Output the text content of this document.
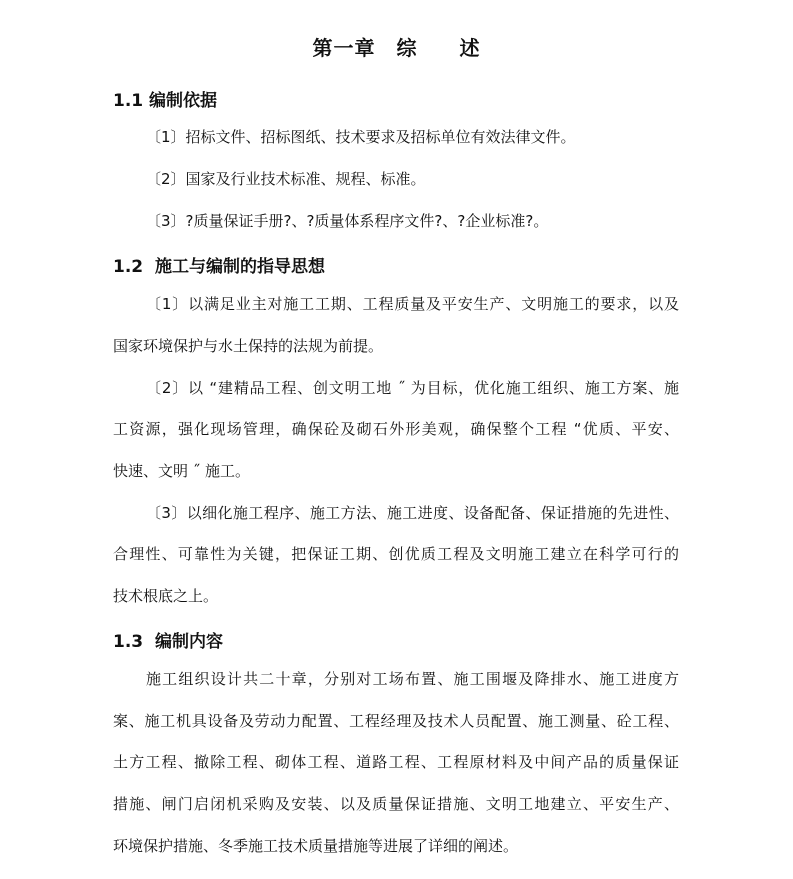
第一章　综　　述
1.1 编制依据

〔1〕招标文件、招标图纸、技术要求及招标单位有效法律文件。

〔2〕国家及行业技术标准、规程、标准。

〔3〕?质量保证手册?、?质量体系程序文件?、?企业标准?。

1.2  施工与编制的指导思想

〔1〕以满足业主对施工工期、工程质量及平安生产、文明施工的要求，以及

国家环境保护与水土保持的法规为前提。

〔2〕以 “建精品工程、创文明工地 ˝ 为目标，优化施工组织、施工方案、施

工资源，强化现场管理，确保砼及砌石外形美观，确保整个工程 “优质、平安、

快速、文明 ˝ 施工。

〔3〕以细化施工程序、施工方法、施工进度、设备配备、保证措施的先进性、

合理性、可靠性为关键，把保证工期、创优质工程及文明施工建立在科学可行的

技术根底之上。

1.3  编制内容

施工组织设计共二十章，分别对工场布置、施工围堰及降排水、施工进度方

案、施工机具设备及劳动力配置、工程经理及技术人员配置、施工测量、砼工程、

土方工程、撤除工程、砌体工程、道路工程、工程原材料及中间产品的质量保证

措施、闸门启闭机采购及安装、以及质量保证措施、文明工地建立、平安生产、

环境保护措施、冬季施工技术质量措施等进展了详细的阐述。
